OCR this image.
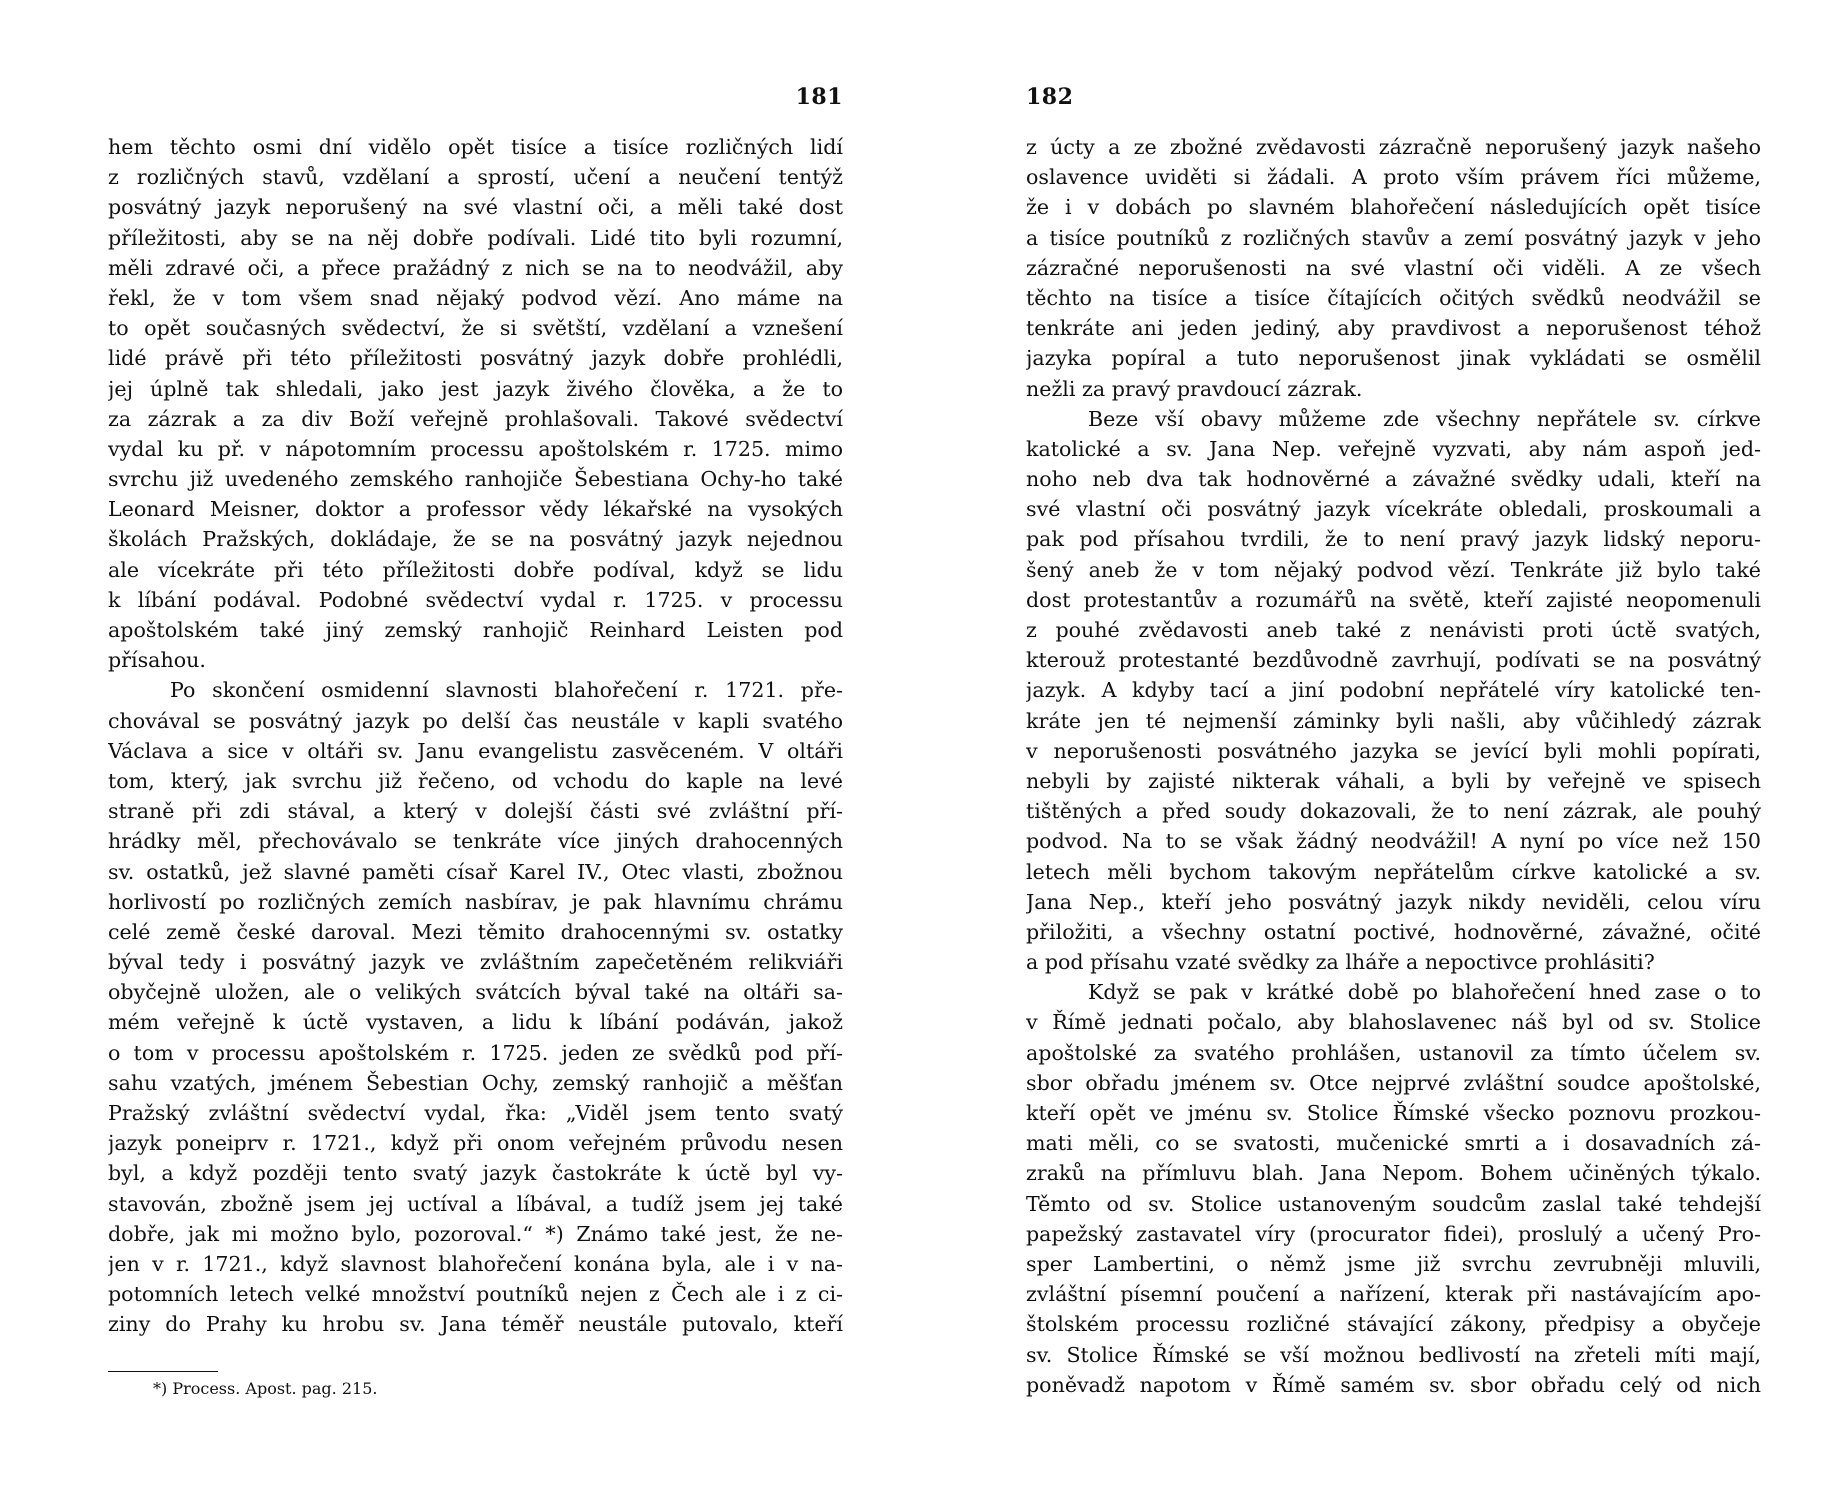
181
hem těchto osmi dní vidělo opět tisíce a tisíce rozličných lidí
z rozličných stavů, vzdělaní a sprostí, učení a neučení tentýž
posvátný jazyk neporušený na své vlastní oči, a měli také dost
příležitosti, aby se na něj dobře podívali. Lidé tito byli rozumní,
měli zdravé oči, a přece pražádný z nich se na to neodvážil, aby
řekl, že v tom všem snad nějaký podvod vězí. Ano máme na
to opět současných svědectví, že si světští, vzdělaní a vznešení
lidé právě při této příležitosti posvátný jazyk dobře prohlédli,
jej úplně tak shledali, jako jest jazyk živého člověka, a že to
za zázrak a za div Boží veřejně prohlašovali. Takové svědectví
vydal ku př. v nápotomním processu apoštolském r. 1725. mimo
svrchu již uvedeného zemského ranhojiče Šebestiana Ochy-ho také
Leonard Meisner, doktor a professor vědy lékařské na vysokých
školách Pražských, dokládaje, že se na posvátný jazyk nejednou
ale vícekráte při této příležitosti dobře podíval, když se lidu
k líbání podával. Podobné svědectví vydal r. 1725. v processu
apoštolském také jiný zemský ranhojič Reinhard Leisten pod
přísahou.
Po skončení osmidenní slavnosti blahořečení r. 1721. pře-
chovával se posvátný jazyk po delší čas neustále v kapli svatého
Václava a sice v oltáři sv. Janu evangelistu zasvěceném. V oltáři
tom, který, jak svrchu již řečeno, od vchodu do kaple na levé
straně při zdi stával, a který v dolejší části své zvláštní pří-
hrádky měl, přechovávalo se tenkráte více jiných drahocenných
sv. ostatků, jež slavné paměti císař Karel IV., Otec vlasti, zbožnou
horlivostí po rozličných zemích nasbírav, je pak hlavnímu chrámu
celé země české daroval. Mezi těmito drahocennými sv. ostatky
býval tedy i posvátný jazyk ve zvláštním zapečetěném relikviáři
obyčejně uložen, ale o velikých svátcích býval také na oltáři sa-
mém veřejně k úctě vystaven, a lidu k líbání podáván, jakož
o tom v processu apoštolském r. 1725. jeden ze svědků pod pří-
sahu vzatých, jménem Šebestian Ochy, zemský ranhojič a měšťan
Pražský zvláštní svědectví vydal, řka: „Viděl jsem tento svatý
jazyk poneiprv r. 1721., když při onom veřejném průvodu nesen
byl, a když později tento svatý jazyk častokráte k úctě byl vy-
stavován, zbožně jsem jej uctíval a líbával, a tudíž jsem jej také
dobře, jak mi možno bylo, pozoroval.“ *) Známo také jest, že ne-
jen v r. 1721., když slavnost blahořečení konána byla, ale i v na-
potomních letech velké množství poutníků nejen z Čech ale i z ci-
ziny do Prahy ku hrobu sv. Jana téměř neustále putovalo, kteří
*) Process. Apost. pag. 215.
182
z úcty a ze zbožné zvědavosti zázračně neporušený jazyk našeho
oslavence uviděti si žádali. A proto vším právem říci můžeme,
že i v dobách po slavném blahořečení následujících opět tisíce
a tisíce poutníků z rozličných stavův a zemí posvátný jazyk v jeho
zázračné neporušenosti na své vlastní oči viděli. A ze všech
těchto na tisíce a tisíce čítajících očitých svědků neodvážil se
tenkráte ani jeden jediný, aby pravdivost a neporušenost téhož
jazyka popíral a tuto neporušenost jinak vykládati se osmělil
nežli za pravý pravdoucí zázrak.
Beze vší obavy můžeme zde všechny nepřátele sv. církve
katolické a sv. Jana Nep. veřejně vyzvati, aby nám aspoň jed-
noho neb dva tak hodnověrné a závažné svědky udali, kteří na
své vlastní oči posvátný jazyk vícekráte obledali, proskoumali a
pak pod přísahou tvrdili, že to není pravý jazyk lidský neporu-
šený aneb že v tom nějaký podvod vězí. Tenkráte již bylo také
dost protestantův a rozumářů na světě, kteří zajisté neopomenuli
z pouhé zvědavosti aneb také z nenávisti proti úctě svatých,
kterouž protestanté bezdůvodně zavrhují, podívati se na posvátný
jazyk. A kdyby tací a jiní podobní nepřátelé víry katolické ten-
kráte jen té nejmenší záminky byli našli, aby vůčihledý zázrak
v neporušenosti posvátného jazyka se jevící byli mohli popírati,
nebyli by zajisté nikterak váhali, a byli by veřejně ve spisech
tištěných a před soudy dokazovali, že to není zázrak, ale pouhý
podvod. Na to se však žádný neodvážil! A nyní po více než 150
letech měli bychom takovým nepřátelům církve katolické a sv.
Jana Nep., kteří jeho posvátný jazyk nikdy neviděli, celou víru
přiložiti, a všechny ostatní poctivé, hodnověrné, závažné, očité
a pod přísahu vzaté svědky za lháře a nepoctivce prohlásiti?
Když se pak v krátké době po blahořečení hned zase o to
v Římě jednati počalo, aby blahoslavenec náš byl od sv. Stolice
apoštolské za svatého prohlášen, ustanovil za tímto účelem sv.
sbor obřadu jménem sv. Otce nejprvé zvláštní soudce apoštolské,
kteří opět ve jménu sv. Stolice Římské všecko poznovu prozkou-
mati měli, co se svatosti, mučenické smrti a i dosavadních zá-
zraků na přímluvu blah. Jana Nepom. Bohem učiněných týkalo.
Těmto od sv. Stolice ustanoveným soudcům zaslal také tehdejší
papežský zastavatel víry (procurator fidei), proslulý a učený Pro-
sper Lambertini, o němž jsme již svrchu zevrubněji mluvili,
zvláštní písemní poučení a nařízení, kterak při nastávajícím apo-
štolském processu rozličné stávající zákony, předpisy a obyčeje
sv. Stolice Římské se vší možnou bedlivostí na zřeteli míti mají,
poněvadž napotom v Římě samém sv. sbor obřadu celý od nich
